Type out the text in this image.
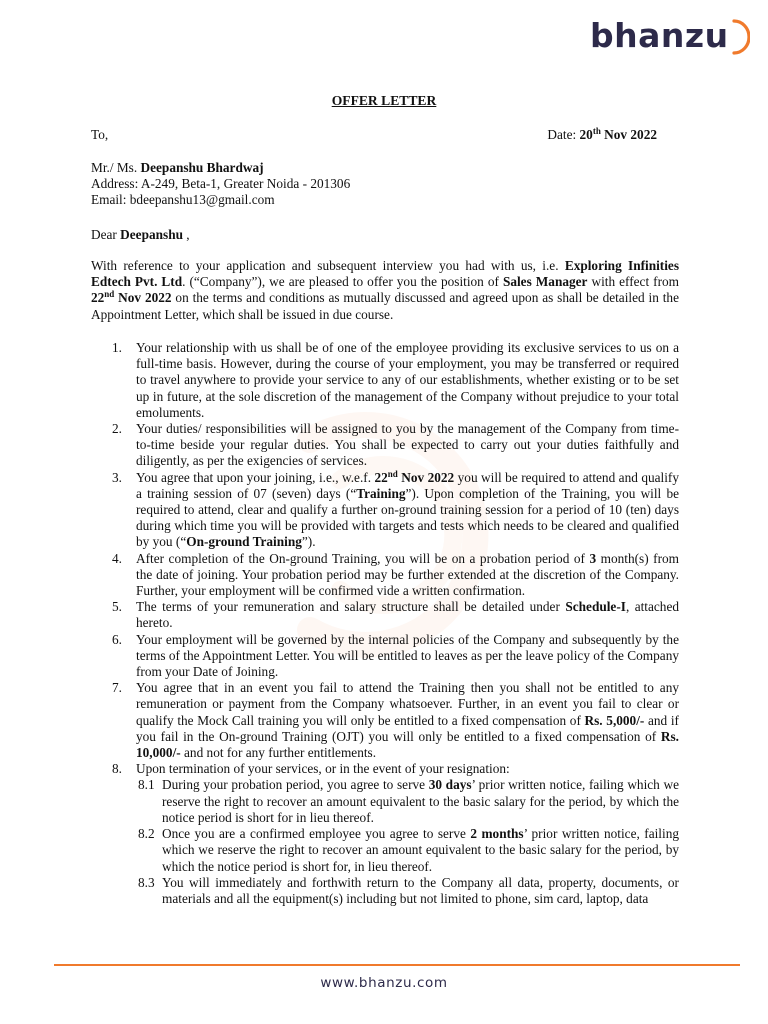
bhanzu
OFFER LETTER
To,	Date: 20th Nov 2022
Mr./ Ms. Deepanshu Bhardwaj
Address: A-249, Beta-1, Greater Noida - 201306
Email: bdeepanshu13@gmail.com
Dear Deepanshu ,
With reference to your application and subsequent interview you had with us, i.e. Exploring Infinities Edtech Pvt. Ltd. (“Company”), we are pleased to offer you the position of Sales Manager with effect from 22nd Nov 2022 on the terms and conditions as mutually discussed and agreed upon as shall be detailed in the Appointment Letter, which shall be issued in due course.
1. Your relationship with us shall be of one of the employee providing its exclusive services to us on a full-time basis. However, during the course of your employment, you may be transferred or required to travel anywhere to provide your service to any of our establishments, whether existing or to be set up in future, at the sole discretion of the management of the Company without prejudice to your total emoluments.
2. Your duties/ responsibilities will be assigned to you by the management of the Company from time-to-time beside your regular duties. You shall be expected to carry out your duties faithfully and diligently, as per the exigencies of services.
3. You agree that upon your joining, i.e., w.e.f. 22nd Nov 2022 you will be required to attend and qualify a training session of 07 (seven) days (“Training”). Upon completion of the Training, you will be required to attend, clear and qualify a further on-ground training session for a period of 10 (ten) days during which time you will be provided with targets and tests which needs to be cleared and qualified by you (“On-ground Training”).
4. After completion of the On-ground Training, you will be on a probation period of 3 month(s) from the date of joining. Your probation period may be further extended at the discretion of the Company. Further, your employment will be confirmed vide a written confirmation.
5. The terms of your remuneration and salary structure shall be detailed under Schedule-I, attached hereto.
6. Your employment will be governed by the internal policies of the Company and subsequently by the terms of the Appointment Letter. You will be entitled to leaves as per the leave policy of the Company from your Date of Joining.
7. You agree that in an event you fail to attend the Training then you shall not be entitled to any remuneration or payment from the Company whatsoever. Further, in an event you fail to clear or qualify the Mock Call training you will only be entitled to a fixed compensation of Rs. 5,000/- and if you fail in the On-ground Training (OJT) you will only be entitled to a fixed compensation of Rs. 10,000/- and not for any further entitlements.
8. Upon termination of your services, or in the event of your resignation:
8.1 During your probation period, you agree to serve 30 days’ prior written notice, failing which we reserve the right to recover an amount equivalent to the basic salary for the period, by which the notice period is short for in lieu thereof.
8.2 Once you are a confirmed employee you agree to serve 2 months’ prior written notice, failing which we reserve the right to recover an amount equivalent to the basic salary for the period, by which the notice period is short for, in lieu thereof.
8.3 You will immediately and forthwith return to the Company all data, property, documents, or materials and all the equipment(s) including but not limited to phone, sim card, laptop, data
www.bhanzu.com
